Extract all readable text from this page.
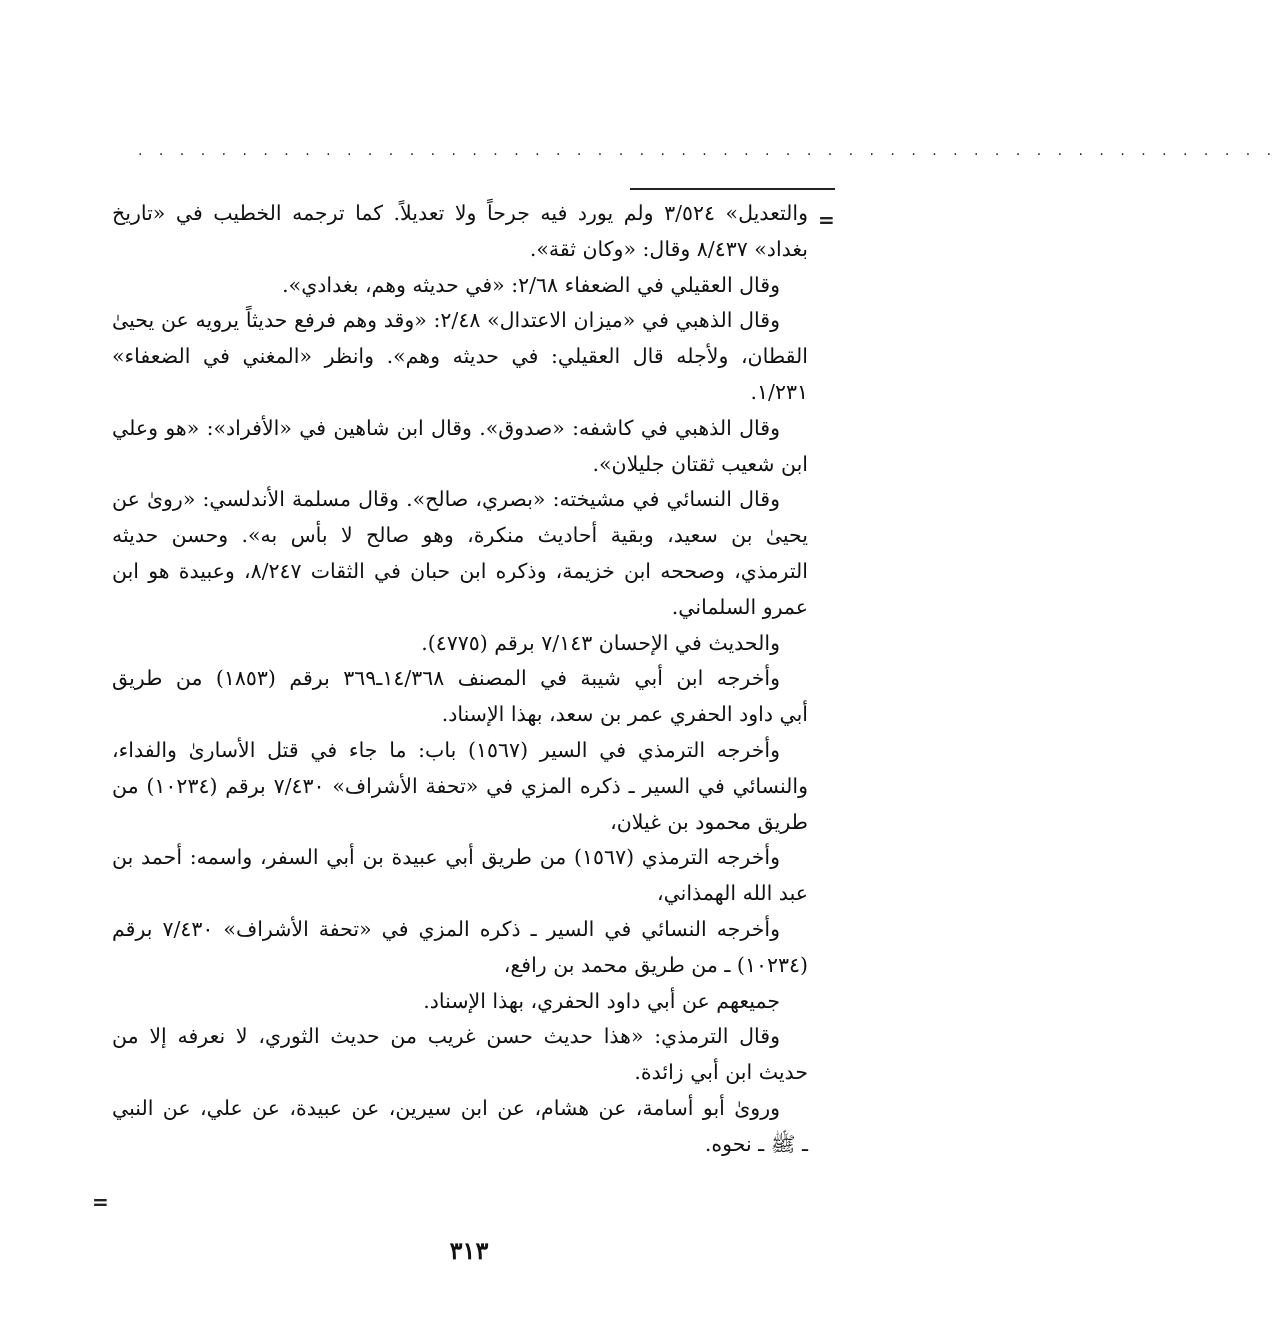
. . . . . . . . . . . . . . . . . . . . . . . . . . . . . . . . . . . . . . . . . . . . . . . . . . . . . . .
=
والتعديل» ٣/٥٢٤ ولم يورد فيه جرحاً ولا تعديلاً. كما ترجمه الخطيب في «تاريخ
بغداد» ٨/٤٣٧ وقال: «وكان ثقة».
وقال العقيلي في الضعفاء ٢/٦٨: «في حديثه وهم، بغدادي».
وقال الذهبي في «ميزان الاعتدال» ٢/٤٨: «وقد وهم فرفع حديثاً يرويه عن يحيىٰ
القطان، ولأجله قال العقيلي: في حديثه وهم». وانظر «المغني في الضعفاء»
١/٢٣١.
وقال الذهبي في كاشفه: «صدوق». وقال ابن شاهين في «الأفراد»: «هو وعلي
ابن شعيب ثقتان جليلان».
وقال النسائي في مشيخته: «بصري، صالح». وقال مسلمة الأندلسي: «روىٰ عن
يحيىٰ بن سعيد، وبقية أحاديث منكرة، وهو صالح لا بأس به». وحسن حديثه
الترمذي، وصححه ابن خزيمة، وذكره ابن حبان في الثقات ٨/٢٤٧، وعبيدة هو ابن
عمرو السلماني.
والحديث في الإحسان ٧/١٤٣ برقم (٤٧٧٥).
وأخرجه ابن أبي شيبة في المصنف ١٤/٣٦٨ـ٣٦٩ برقم (١٨٥٣) من طريق
أبي داود الحفري عمر بن سعد، بهذا الإسناد.
وأخرجه الترمذي في السير (١٥٦٧) باب: ما جاء في قتل الأسارىٰ والفداء،
والنسائي في السير ـ ذكره المزي في «تحفة الأشراف» ٧/٤٣٠ برقم (١٠٢٣٤) من
طريق محمود بن غيلان،
وأخرجه الترمذي (١٥٦٧) من طريق أبي عبيدة بن أبي السفر، واسمه: أحمد بن
عبد الله الهمذاني،
وأخرجه النسائي في السير ـ ذكره المزي في «تحفة الأشراف» ٧/٤٣٠ برقم
(١٠٢٣٤) ـ من طريق محمد بن رافع،
جميعهم عن أبي داود الحفري، بهذا الإسناد.
وقال الترمذي: «هذا حديث حسن غريب من حديث الثوري، لا نعرفه إلا من
حديث ابن أبي زائدة.
وروىٰ أبو أسامة، عن هشام، عن ابن سيرين، عن عبيدة، عن علي، عن النبي
ـ ﷺ ـ نحوه.
=
٣١٣
